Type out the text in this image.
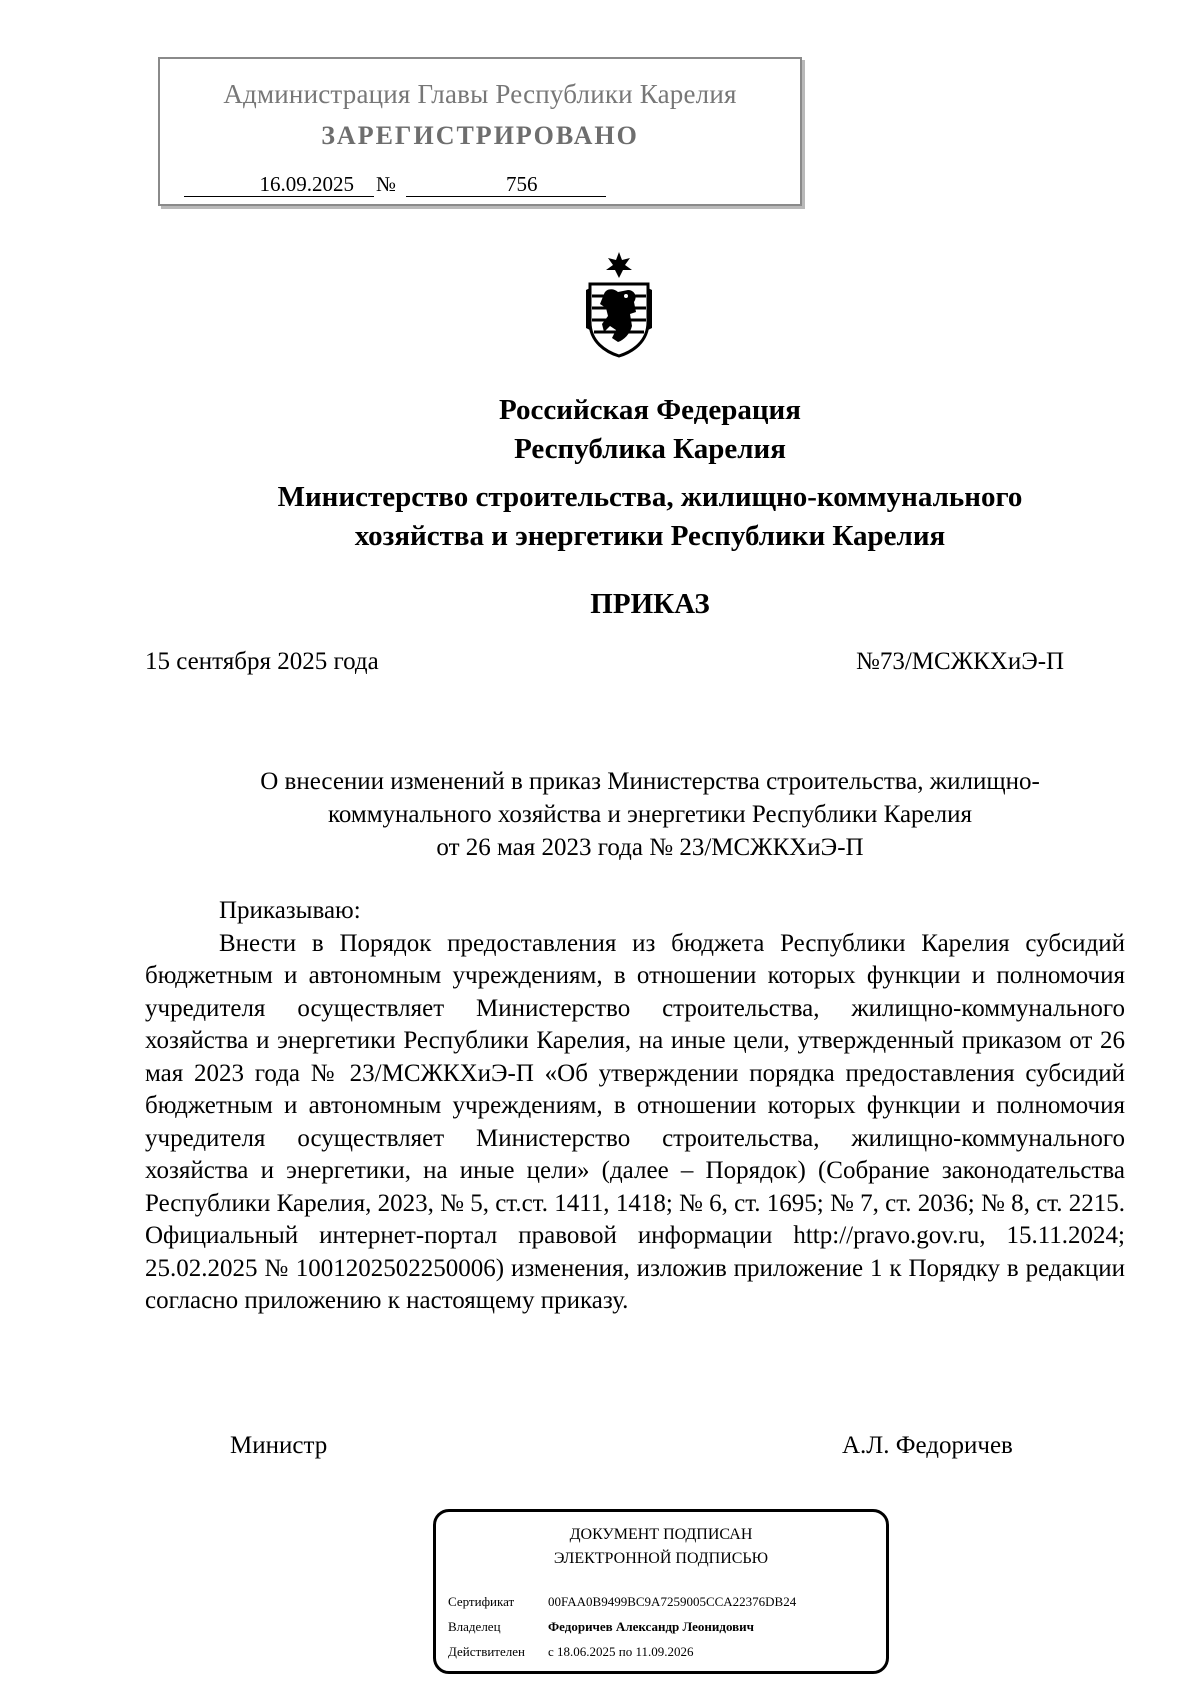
Администрация Главы Республики Карелия
ЗАРЕГИСТРИРОВАНО
16.09.2025	№	756
Российская Федерация
Республика Карелия
Министерство строительства, жилищно-коммунального
хозяйства и энергетики Республики Карелия
ПРИКАЗ
15 сентября 2025 года	№73/МСЖКХиЭ-П
О внесении изменений в приказ Министерства строительства, жилищно-
коммунального хозяйства и энергетики Республики Карелия
от 26 мая 2023 года № 23/МСЖКХиЭ-П

Приказываю:

Внести в Порядок предоставления из бюджета Республики Карелия субсидий бюджетным и автономным учреждениям, в отношении которых функции и полномочия учредителя осуществляет Министерство строительства, жилищно-коммунального хозяйства и энергетики Республики Карелия, на иные цели, утвержденный приказом от 26 мая 2023 года № 23/МСЖКХиЭ-П «Об утверждении порядка предоставления субсидий бюджетным и автономным учреждениям, в отношении которых функции и полномочия учредителя осуществляет Министерство строительства, жилищно-коммунального хозяйства и энергетики, на иные цели» (далее – Порядок) (Собрание законодательства Республики Карелия, 2023, № 5, ст.ст. 1411, 1418; № 6, ст. 1695; № 7, ст. 2036; № 8, ст. 2215. Официальный интернет-портал правовой информации http://pravo.gov.ru, 15.11.2024; 25.02.2025 № 1001202502250006) изменения, изложив приложение 1 к Порядку в редакции согласно приложению к настоящему приказу.

Министр	А.Л. Федоричев
ДОКУМЕНТ ПОДПИСАН
ЭЛЕКТРОННОЙ ПОДПИСЬЮ
Сертификат	00FAA0B9499BC9A7259005CCA22376DB24
Владелец	Федоричев Александр Леонидович
Действителен с 18.06.2025 по 11.09.2026
